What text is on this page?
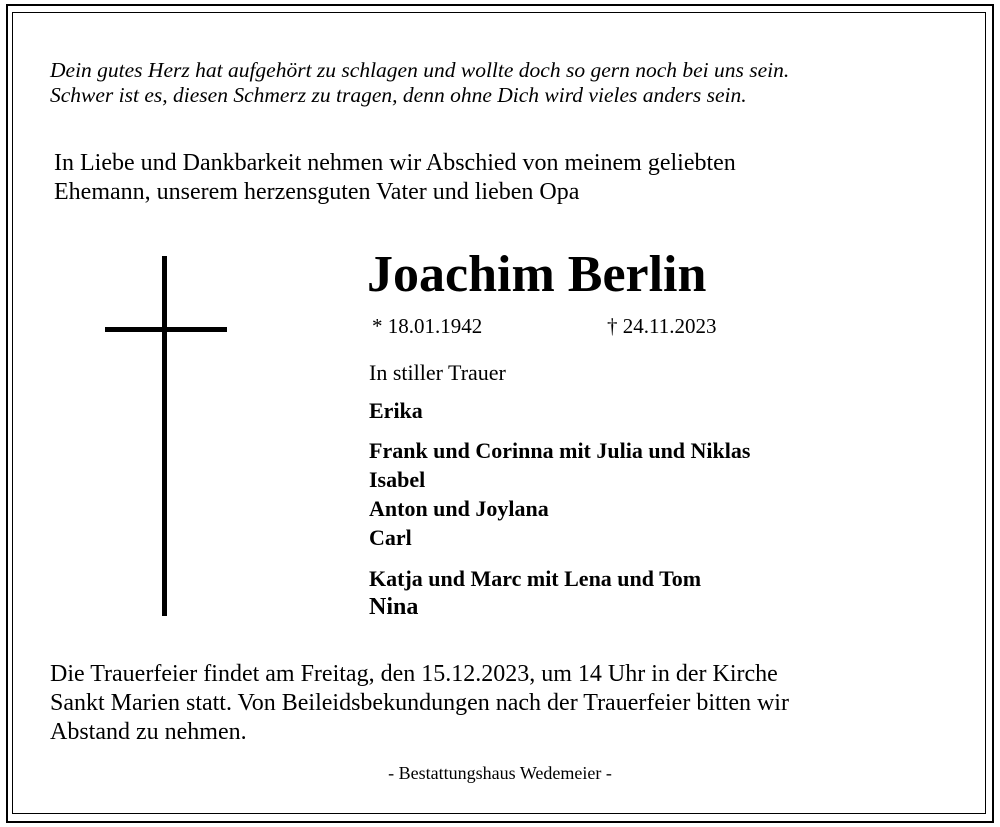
Dein gutes Herz hat aufgehört zu schlagen und wollte doch so gern noch bei uns sein.
Schwer ist es, diesen Schmerz zu tragen, denn ohne Dich wird vieles anders sein.
In Liebe und Dankbarkeit nehmen wir Abschied von meinem geliebten
Ehemann, unserem herzensguten Vater und lieben Opa
Joachim Berlin
* 18.01.1942	† 24.11.2023
In stiller Trauer
Erika
Frank und Corinna mit Julia und Niklas
Isabel
Anton und Joylana
Carl
Katja und Marc mit Lena und Tom
Nina
Die Trauerfeier findet am Freitag, den 15.12.2023, um 14 Uhr in der Kirche
Sankt Marien statt. Von Beileidsbekundungen nach der Trauerfeier bitten wir
Abstand zu nehmen.
- Bestattungshaus Wedemeier -
